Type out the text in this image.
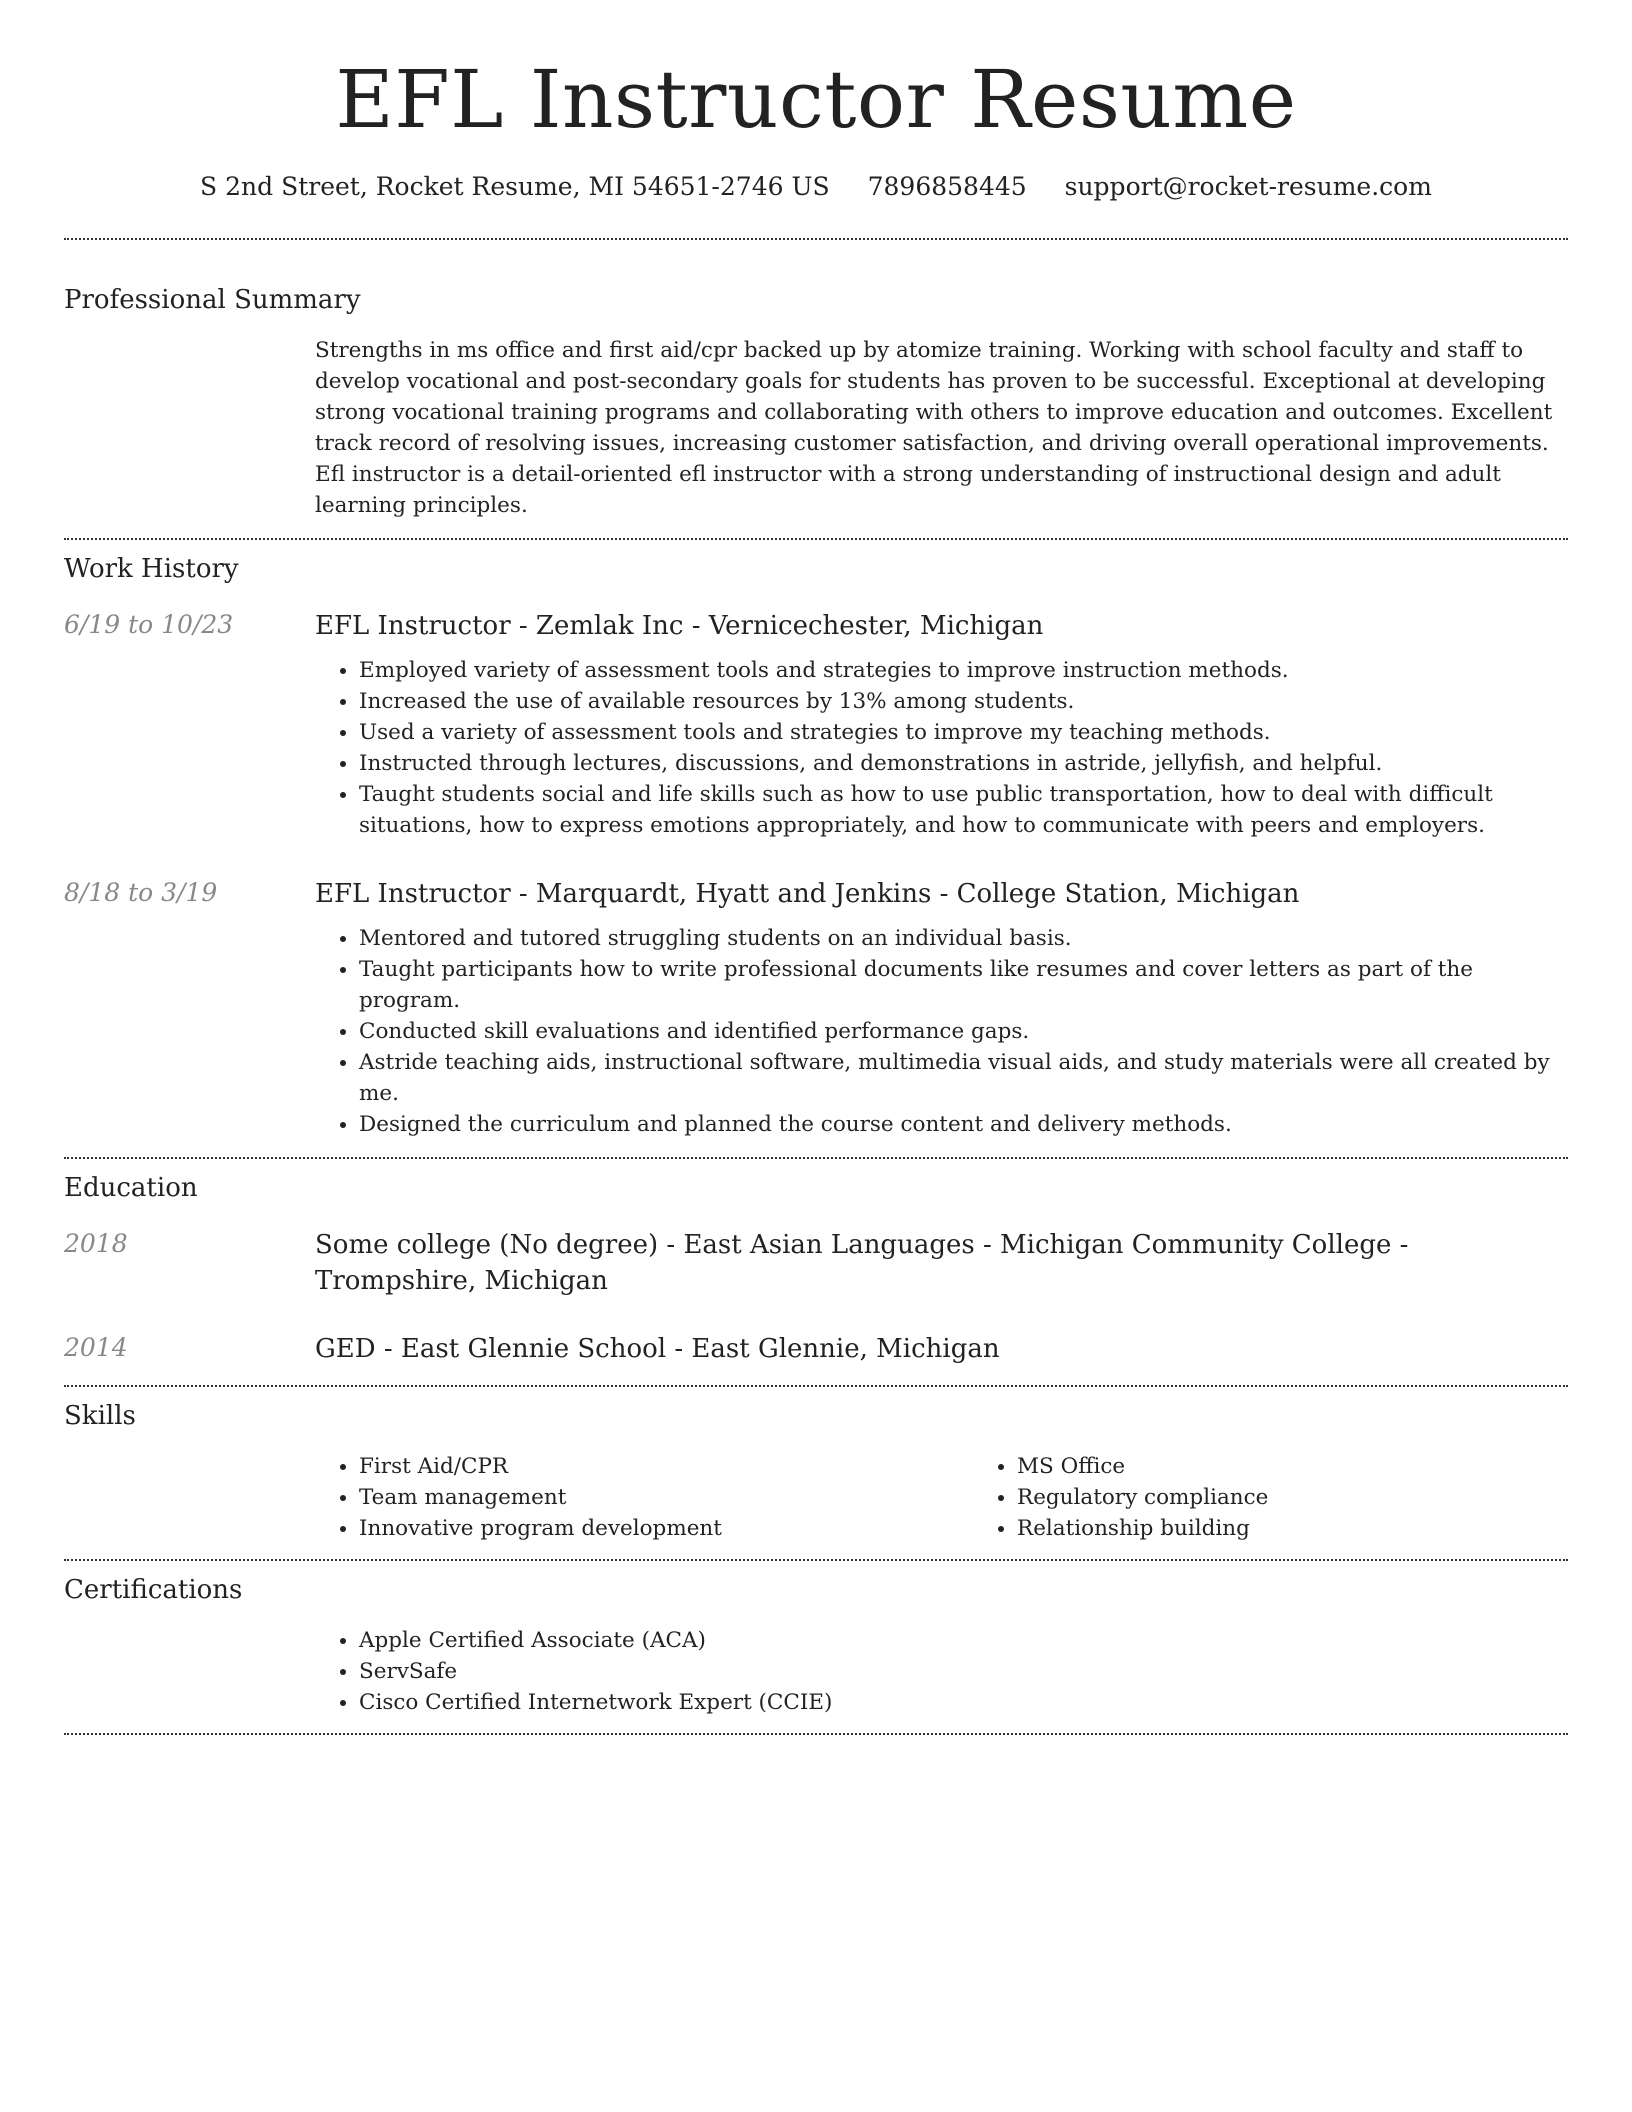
EFL Instructor Resume
S 2nd Street, Rocket Resume, MI 54651-2746 US 7896858445 support@rocket-resume.com
Professional Summary

Strengths in ms office and first aid/cpr backed up by atomize training. Working with school faculty and staff to develop vocational and post-secondary goals for students has proven to be successful. Exceptional at developing strong vocational training programs and collaborating with others to improve education and outcomes. Excellent track record of resolving issues, increasing customer satisfaction, and driving overall operational improvements. Efl instructor is a detail-oriented efl instructor with a strong understanding of instructional design and adult learning principles.

Work History
6/19 to 10/23	EFL Instructor - Zemlak Inc - Vernicechester, Michigan
• Employed variety of assessment tools and strategies to improve instruction methods.
• Increased the use of available resources by 13% among students.
• Used a variety of assessment tools and strategies to improve my teaching methods.
• Instructed through lectures, discussions, and demonstrations in astride, jellyfish, and helpful.
• Taught students social and life skills such as how to use public transportation, how to deal with difficult situations, how to express emotions appropriately, and how to communicate with peers and employers.
8/18 to 3/19	EFL Instructor - Marquardt, Hyatt and Jenkins - College Station, Michigan
• Mentored and tutored struggling students on an individual basis.
• Taught participants how to write professional documents like resumes and cover letters as part of the program.
• Conducted skill evaluations and identified performance gaps.
• Astride teaching aids, instructional software, multimedia visual aids, and study materials were all created by me.
• Designed the curriculum and planned the course content and delivery methods.
Education
2018	Some college (No degree) - East Asian Languages - Michigan Community College - Trompshire, Michigan
2014	GED - East Glennie School - East Glennie, Michigan
Skills
• First Aid/CPR
• Team management
• Innovative program development
• MS Office
• Regulatory compliance
• Relationship building
Certifications
• Apple Certified Associate (ACA)
• ServSafe
• Cisco Certified Internetwork Expert (CCIE)
